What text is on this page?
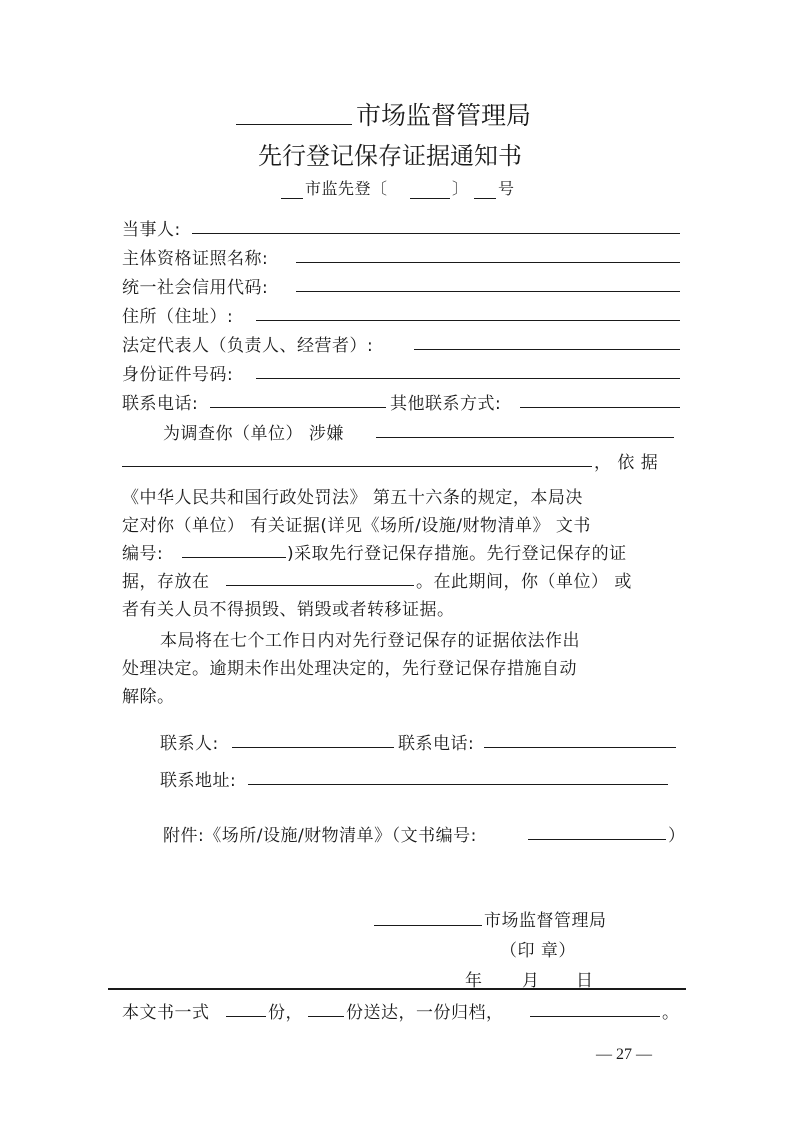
市场监督管理局
先行登记保存证据通知书
市监先登〔	〕 号
当事人:
主体资格证照名称:
统一社会信用代码:
住所（住址）:
法定代表人（负责人、经营者）:
身份证件号码:
联系电话:	其他联系方式:
为调查你（单位） 涉嫌
， 依 据
《中华人民共和国行政处罚法》 第五十六条的规定，本局决
定对你（单位） 有关证据(详见《场所/设施/财物清单》 文书
编号:	)采取先行登记保存措施。先行登记保存的证
据，存放在	。在此期间，你（单位） 或
者有关人员不得损毁、销毁或者转移证据。
本局将在七个工作日内对先行登记保存的证据依法作出
处理决定。逾期未作出处理决定的，先行登记保存措施自动
解除。
联系人:	联系电话:
联系地址:
附件:《场所/设施/财物清单》（文书编号:	）
市场监督管理局
（印 章）
年 月 日
本文书一式	份，	份送达，一份归档，	。
— 27 —
